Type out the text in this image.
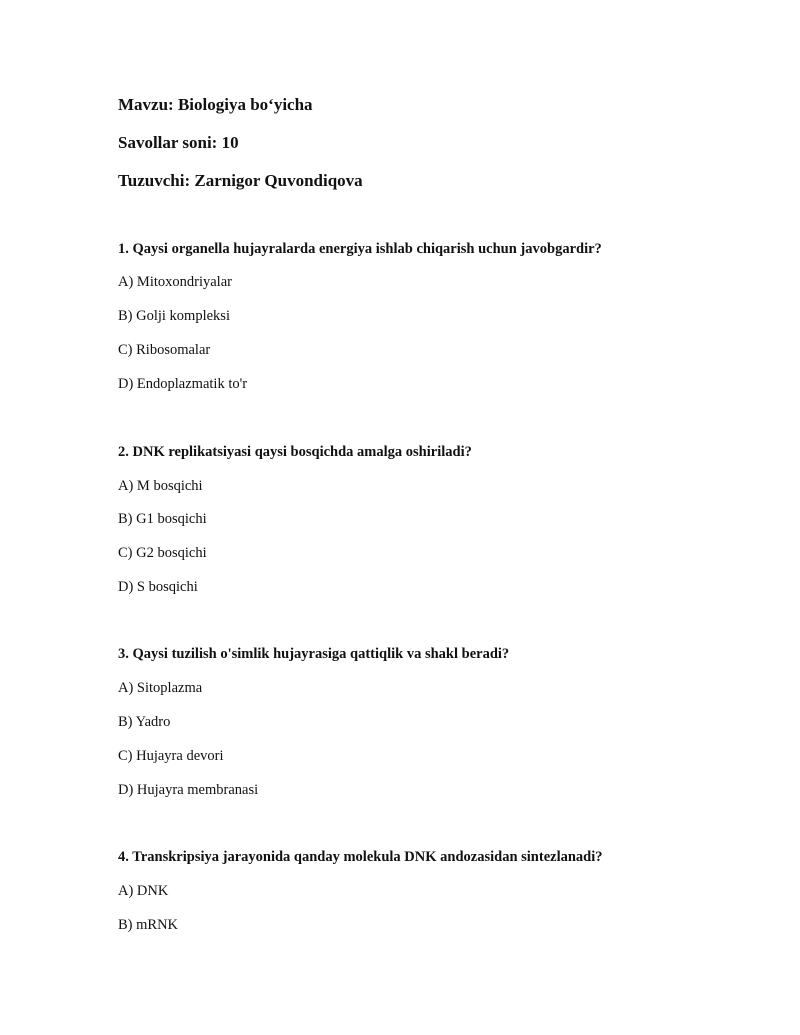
Mavzu: Biologiya bo‘yicha
Savollar soni: 10
Tuzuvchi: Zarnigor Quvondiqova
1. Qaysi organella hujayralarda energiya ishlab chiqarish uchun javobgardir?
A) Mitoxondriyalar
B) Golji kompleksi
C) Ribosomalar
D) Endoplazmatik to'r
2. DNK replikatsiyasi qaysi bosqichda amalga oshiriladi?
A) M bosqichi
B) G1 bosqichi
C) G2 bosqichi
D) S bosqichi
3. Qaysi tuzilish o'simlik hujayrasiga qattiqlik va shakl beradi?
A) Sitoplazma
B) Yadro
C) Hujayra devori
D) Hujayra membranasi
4. Transkripsiya jarayonida qanday molekula DNK andozasidan sintezlanadi?
A) DNK
B) mRNK
